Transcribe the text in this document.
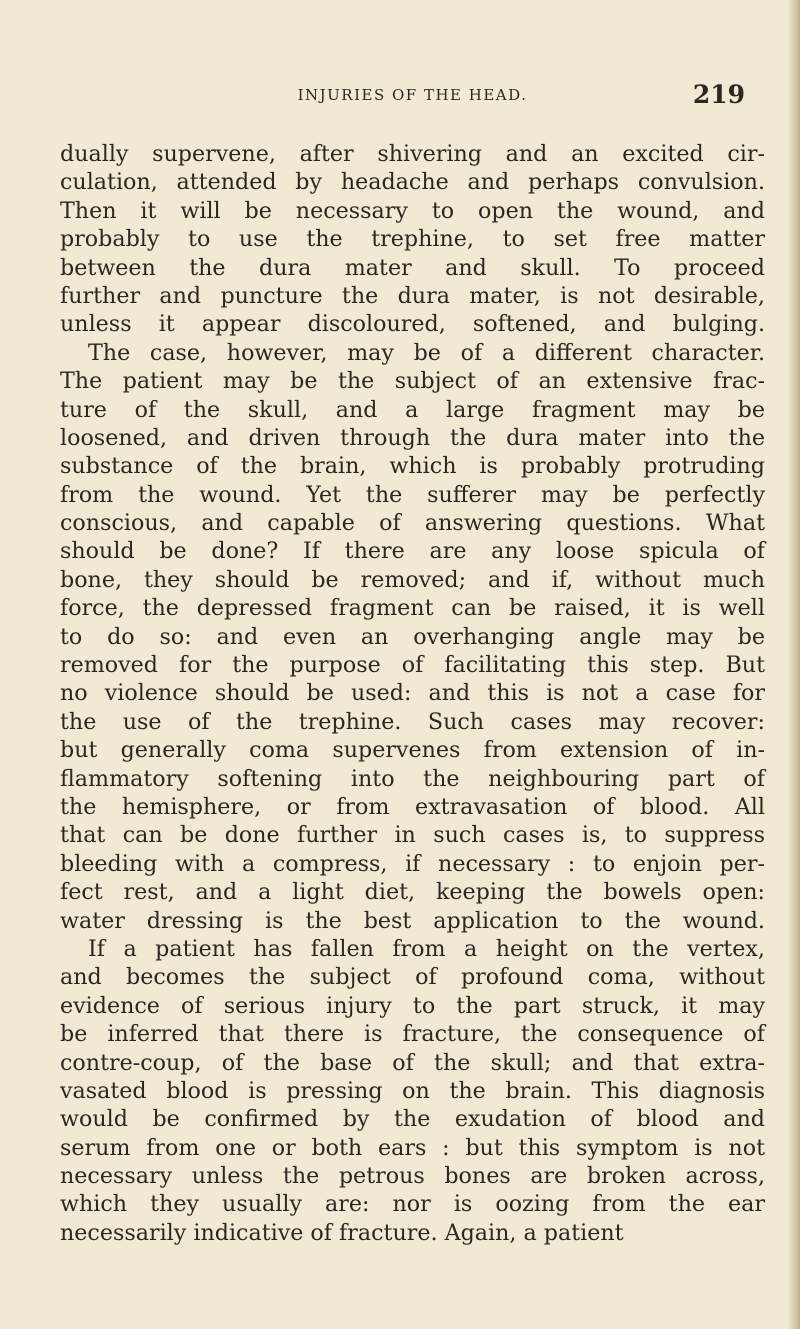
INJURIES OF THE HEAD.	219
dually supervene, after shivering and an excited cir-
culation, attended by headache and perhaps convulsion.
Then it will be necessary to open the wound, and
probably to use the trephine, to set free matter
between the dura mater and skull. To proceed
further and puncture the dura mater, is not desirable,
unless it appear discoloured, softened, and bulging.
The case, however, may be of a different character.
The patient may be the subject of an extensive frac-
ture of the skull, and a large fragment may be
loosened, and driven through the dura mater into the
substance of the brain, which is probably protruding
from the wound. Yet the sufferer may be perfectly
conscious, and capable of answering questions. What
should be done? If there are any loose spicula of
bone, they should be removed; and if, without much
force, the depressed fragment can be raised, it is well
to do so: and even an overhanging angle may be
removed for the purpose of facilitating this step. But
no violence should be used: and this is not a case for
the use of the trephine. Such cases may recover:
but generally coma supervenes from extension of in-
flammatory softening into the neighbouring part of
the hemisphere, or from extravasation of blood. All
that can be done further in such cases is, to suppress
bleeding with a compress, if necessary : to enjoin per-
fect rest, and a light diet, keeping the bowels open:
water dressing is the best application to the wound.
If a patient has fallen from a height on the vertex,
and becomes the subject of profound coma, without
evidence of serious injury to the part struck, it may
be inferred that there is fracture, the consequence of
contre-coup, of the base of the skull; and that extra-
vasated blood is pressing on the brain. This diagnosis
would be confirmed by the exudation of blood and
serum from one or both ears : but this symptom is not
necessary unless the petrous bones are broken across,
which they usually are: nor is oozing from the ear
necessarily indicative of fracture. Again, a patient
